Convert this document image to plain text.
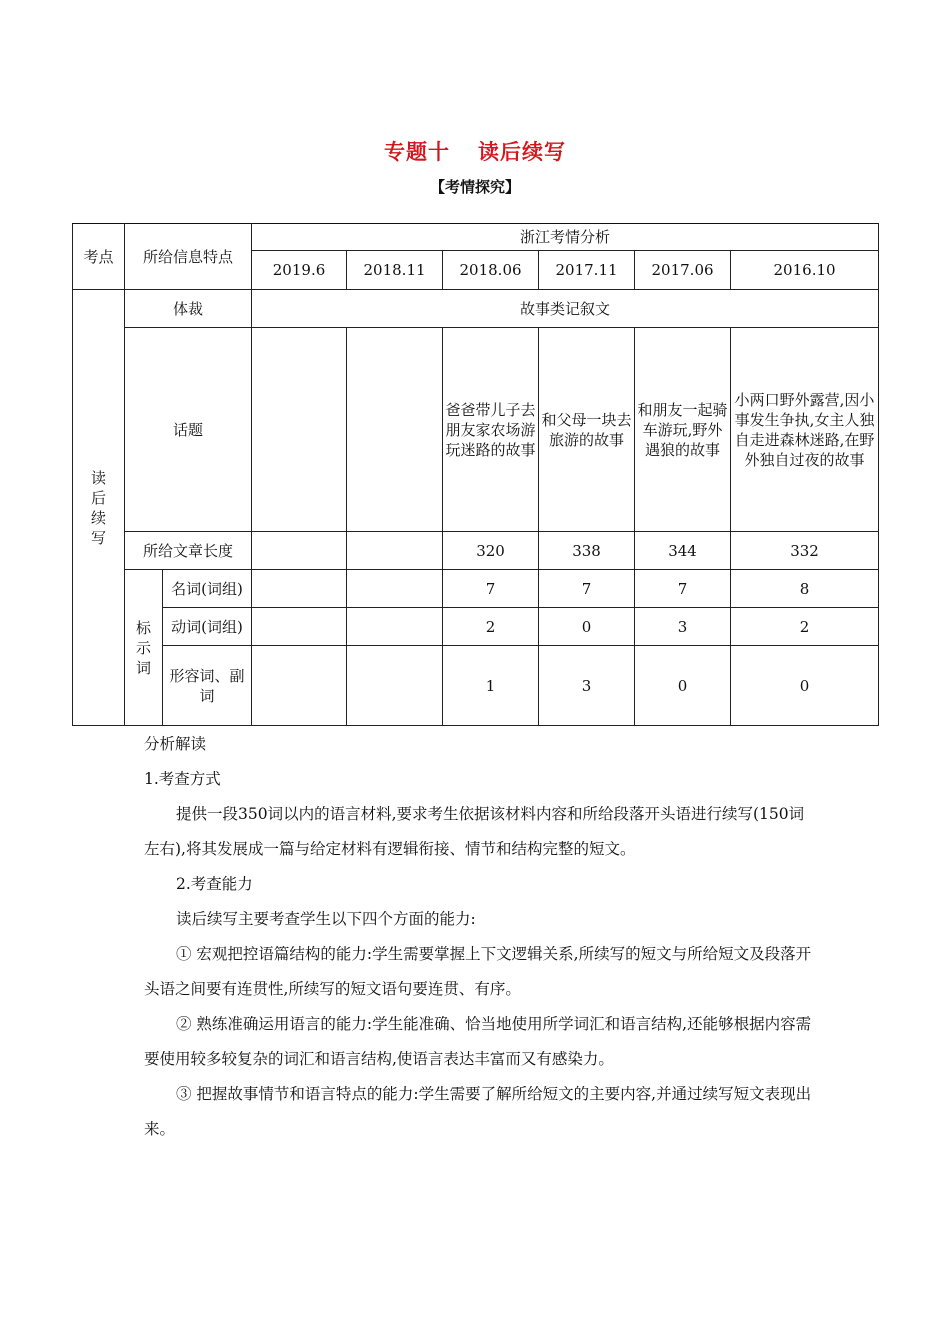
专题十 读后续写
【考情探究】
考点	所给信息特点		浙江考情分析					
			2019.6	2018.11	2018.06	2017.11	2017.06	2016.10
读后续写	体裁		故事类记叙文					
	话题				爸爸带儿子去朋友家农场游玩迷路的故事	和父母一块去旅游的故事	和朋友一起骑车游玩,野外遇狼的故事	小两口野外露营,因小事发生争执,女主人独自走进森林迷路,在野外独自过夜的故事
	所给文章长度				320	338	344	332
	标示词	名词(词组)			7	7	7	8
		动词(词组)			2	0	3	2
		形容词、副词			1	3	0	0

分析解读

1.考查方式

提供一段350词以内的语言材料,要求考生依据该材料内容和所给段落开头语进行续写(150词左右),将其发展成一篇与给定材料有逻辑衔接、情节和结构完整的短文。

2.考查能力

读后续写主要考查学生以下四个方面的能力:

① 宏观把控语篇结构的能力:学生需要掌握上下文逻辑关系,所续写的短文与所给短文及段落开头语之间要有连贯性,所续写的短文语句要连贯、有序。

② 熟练准确运用语言的能力:学生能准确、恰当地使用所学词汇和语言结构,还能够根据内容需要使用较多较复杂的词汇和语言结构,使语言表达丰富而又有感染力。

③ 把握故事情节和语言特点的能力:学生需要了解所给短文的主要内容,并通过续写短文表现出来。
